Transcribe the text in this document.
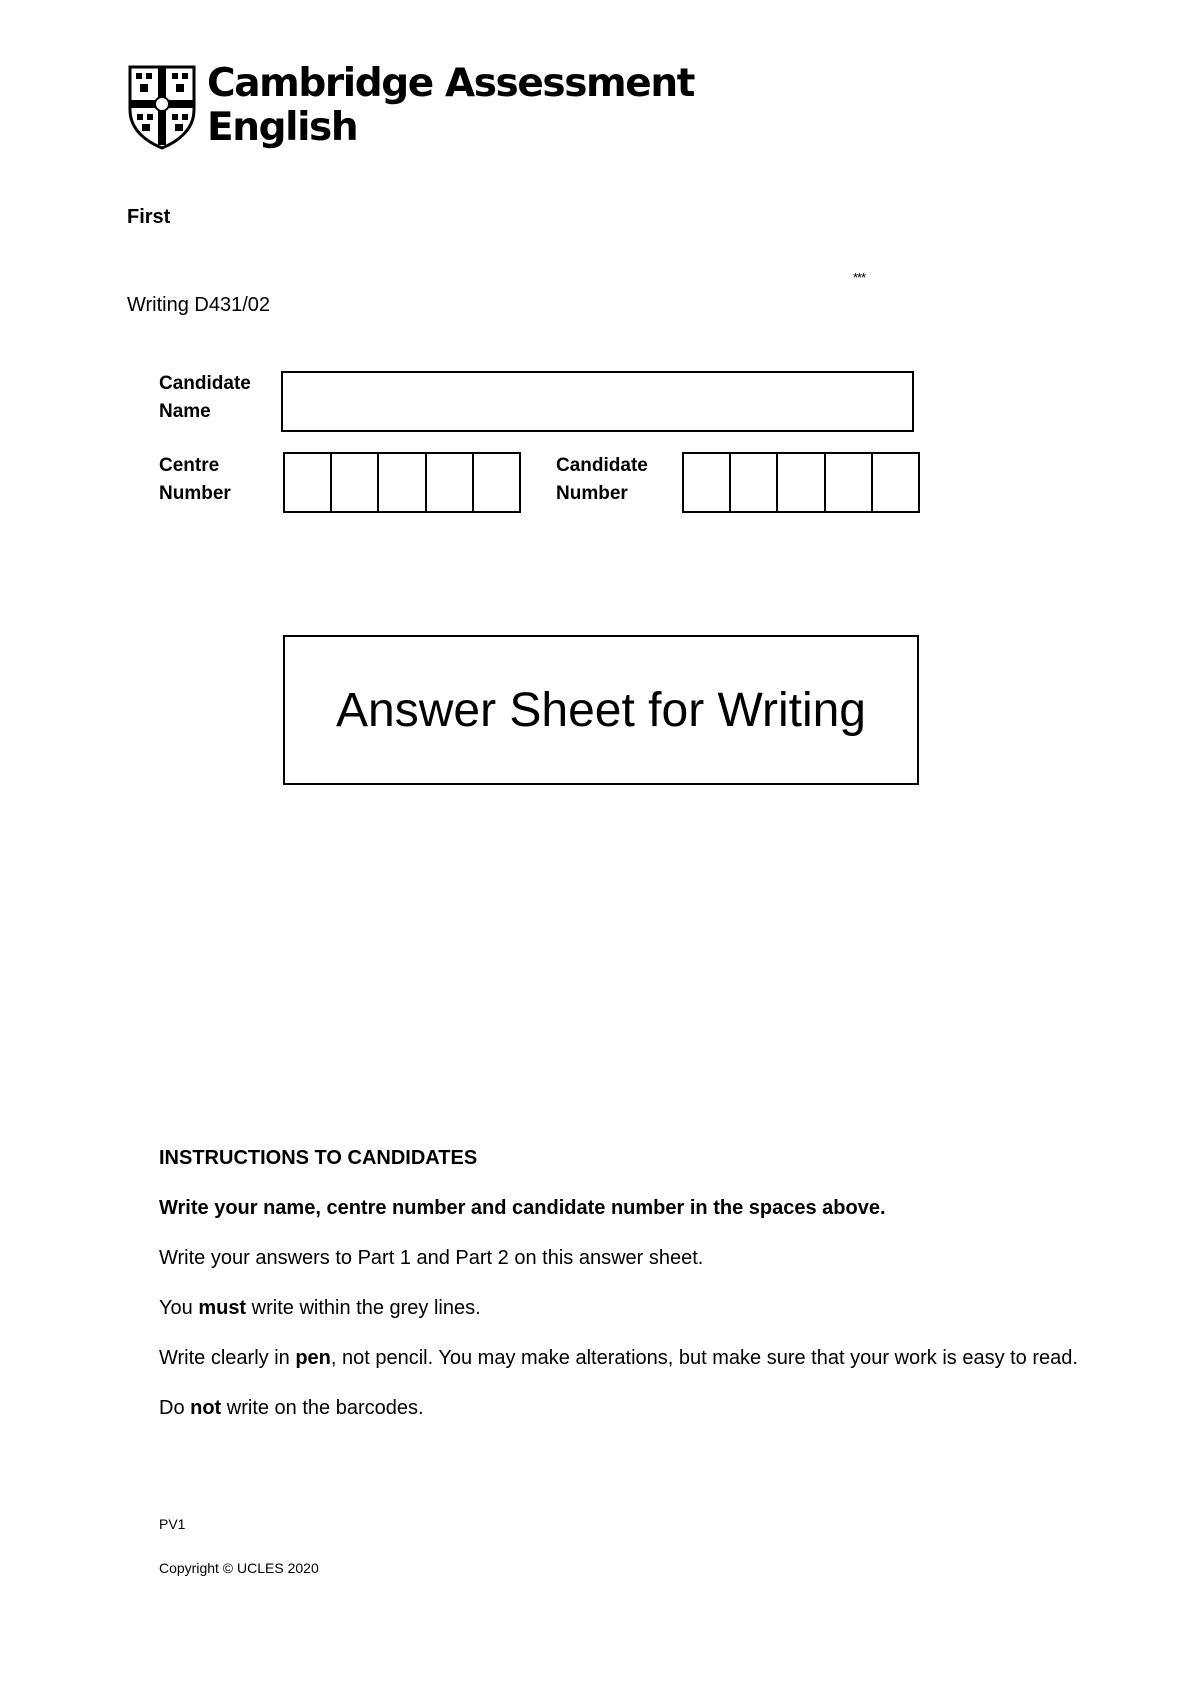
Cambridge Assessment
English
First
***
Writing D431/02
Candidate
Name
Centre
Number
Candidate
Number
Answer Sheet for Writing

INSTRUCTIONS TO CANDIDATES

Write your name, centre number and candidate number in the spaces above.

Write your answers to Part 1 and Part 2 on this answer sheet.

You must write within the grey lines.

Write clearly in pen, not pencil. You may make alterations, but make sure that your work is easy to read.

Do not write on the barcodes.

PV1
Copyright © UCLES 2020
